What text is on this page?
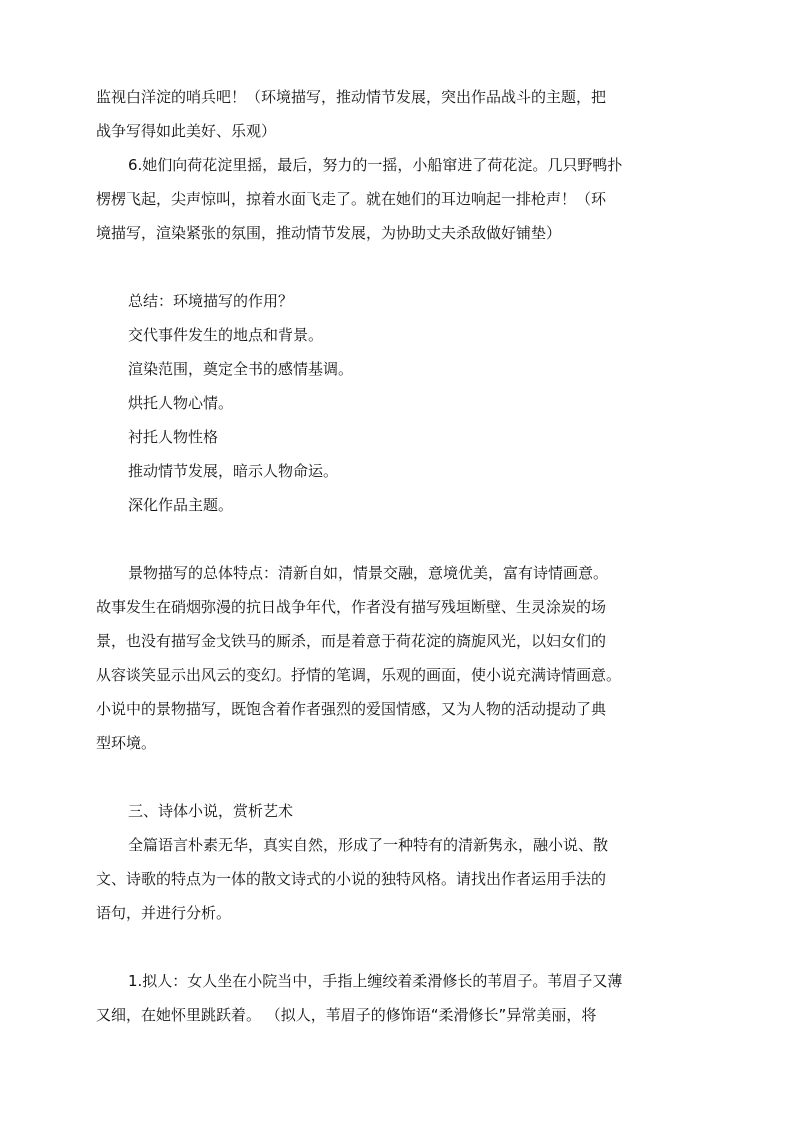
监视白洋淀的哨兵吧！（环境描写，推动情节发展，突出作品战斗的主题，把

战争写得如此美好、乐观）

6.她们向荷花淀里摇，最后，努力的一摇，小船窜进了荷花淀。几只野鸭扑

楞楞飞起，尖声惊叫，掠着水面飞走了。就在她们的耳边响起一排枪声！（环

境描写，渲染紧张的氛围，推动情节发展，为协助丈夫杀敌做好铺垫）

总结：环境描写的作用？

交代事件发生的地点和背景。

渲染范围，奠定全书的感情基调。

烘托人物心情。

衬托人物性格

推动情节发展，暗示人物命运。

深化作品主题。

景物描写的总体特点：清新自如，情景交融，意境优美，富有诗情画意。

故事发生在硝烟弥漫的抗日战争年代，作者没有描写残垣断壁、生灵涂炭的场

景，也没有描写金戈铁马的厮杀，而是着意于荷花淀的旖旎风光，以妇女们的

从容谈笑显示出风云的变幻。抒情的笔调，乐观的画面，使小说充满诗情画意。

小说中的景物描写，既饱含着作者强烈的爱国情感，又为人物的活动提动了典

型环境。

三、诗体小说，赏析艺术

全篇语言朴素无华，真实自然，形成了一种特有的清新隽永，融小说、散

文、诗歌的特点为一体的散文诗式的小说的独特风格。请找出作者运用手法的

语句，并进行分析。

1.拟人：女人坐在小院当中，手指上缠绞着柔滑修长的苇眉子。苇眉子又薄

又细，在她怀里跳跃着。 （拟人，苇眉子的修饰语“柔滑修长”异常美丽，将
